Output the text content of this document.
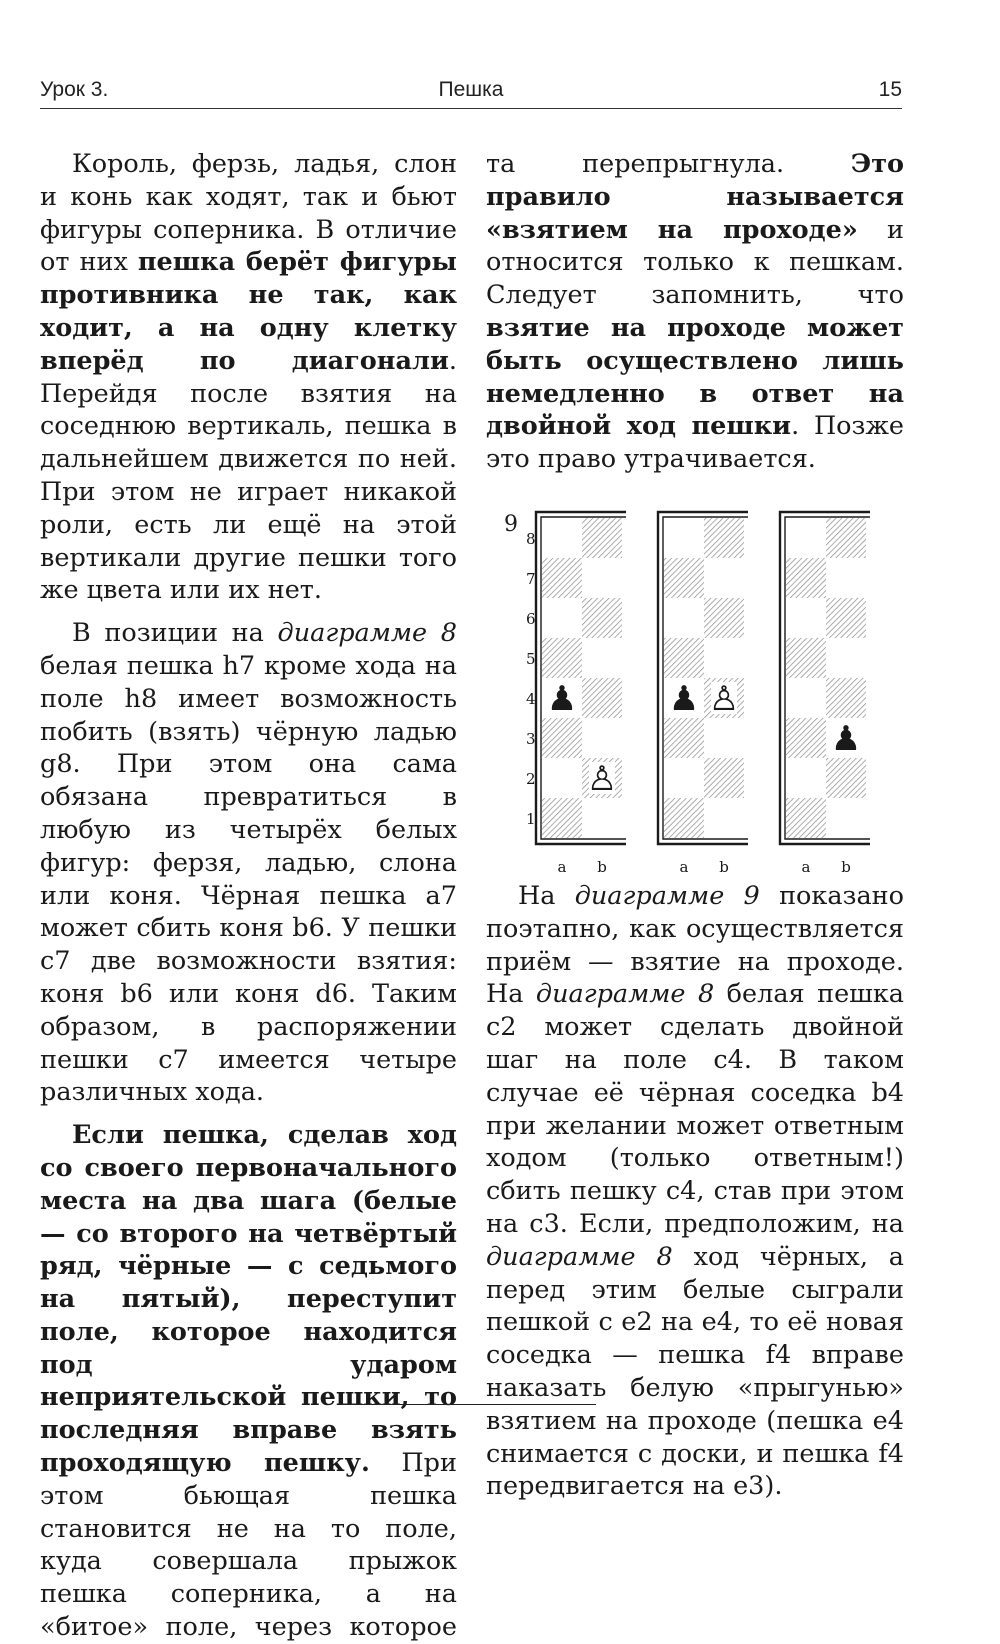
Урок 3.	Пешка	15

Король, ферзь, ладья, слон и конь как ходят, так и бьют фигуры соперника. В отличие от них пешка берёт фигуры противника не так, как ходит, а на одну клетку вперёд по диагонали. Перейдя после взятия на соседнюю вертикаль, пешка в дальнейшем движется по ней. При этом не играет никакой роли, есть ли ещё на этой вертикали другие пешки того же цвета или их нет.

В позиции на диаграмме 8 белая пешка h7 кроме хода на поле h8 имеет возможность побить (взять) чёрную ладью g8. При этом она сама обязана превратиться в любую из четырёх белых фигур: ферзя, ладью, слона или коня. Чёрная пешка a7 может сбить коня b6. У пешки c7 две возможности взятия: коня b6 или коня d6. Таким образом, в распоряжении пешки c7 имеется четыре различных хода.

Если пешка, сделав ход со своего первоначального места на два шага (белые — со второго на четвёртый ряд, чёрные — с седьмого на пятый), переступит поле, которое находится под ударом неприятельской пешки, то последняя вправе взять проходящую пешку. При этом бьющая пешка становится не на то поле, куда совершала прыжок пешка соперника, а на «битое» поле, через которое

та перепрыгнула. Это правило называется «взятием на проходе» и относится только к пешкам. Следует запомнить, что взятие на проходе может быть осуществлено лишь немедленно в ответ на двойной ход пешки. Позже это право утрачивается.

9
8
7
6
5
4
3
2
1
a b
♟
♙
a b
♟ ♙
a b
♟

На диаграмме 9 показано поэтапно, как осуществляется приём — взятие на проходе. На диаграмме 8 белая пешка c2 может сделать двойной шаг на поле c4. В таком случае её чёрная соседка b4 при желании может ответным ходом (только ответным!) сбить пешку c4, став при этом на c3. Если, предположим, на диаграмме 8 ход чёрных, а перед этим белые сыграли пешкой с e2 на e4, то её новая соседка — пешка f4 вправе наказать белую «прыгунью» взятием на проходе (пешка e4 снимается с доски, и пешка f4 передвигается на e3).
